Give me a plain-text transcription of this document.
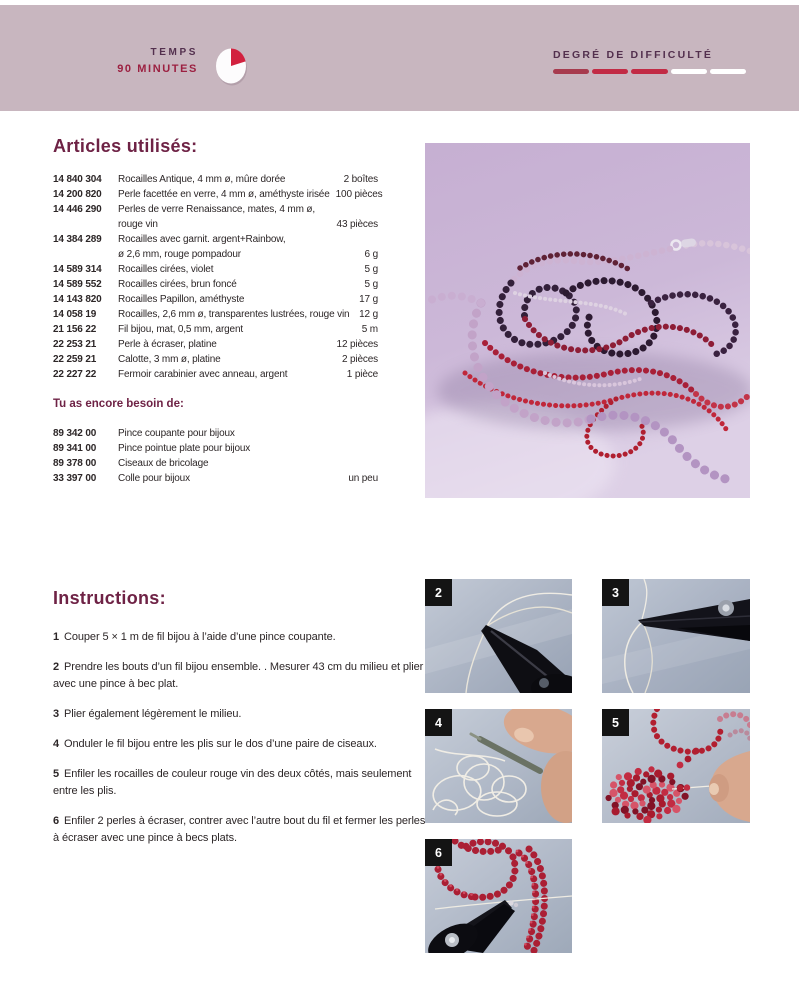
TEMPS
90 MINUTES
DEGRÉ DE DIFFICULTÉ
Articles utilisés:
14 840 304	Rocailles Antique, 4 mm ø, mûre dorée	2 boîtes
14 200 820	Perle facettée en verre, 4 mm ø, améthyste irisée 100 pièces
14 446 290	Perles de verre Renaissance, mates, 4 mm ø,
rouge vin	43 pièces
14 384 289	Rocailles avec garnit. argent+Rainbow,
ø 2,6 mm, rouge pompadour	6 g
14 589 314	Rocailles cirées, violet	5 g
14 589 552	Rocailles cirées, brun foncé	5 g
14 143 820	Rocailles Papillon, améthyste	17 g
14 058 19	Rocailles, 2,6 mm ø, transparentes lustrées, rouge vin 12 g
21 156 22	Fil bijou, mat, 0,5 mm, argent	5 m
22 253 21	Perle à écraser, platine	12 pièces
22 259 21	Calotte, 3 mm ø, platine	2 pièces
22 227 22	Fermoir carabinier avec anneau, argent	1 pièce
Tu as encore besoin de:
89 342 00	Pince coupante pour bijoux
89 341 00	Pince pointue plate pour bijoux
89 378 00	Ciseaux de bricolage
33 397 00	Colle pour bijoux	un peu
Instructions:

1 Couper 5 × 1 m de fil bijou à l’aide d’une pince coupante.

2 Prendre les bouts d’un fil bijou ensemble. . Mesurer 43 cm du milieu et plier avec une pince à bec plat.

3 Plier également légèrement le milieu.

4 Onduler le fil bijou entre les plis sur le dos d’une paire de ciseaux.

5 Enfiler les rocailles de couleur rouge vin des deux côtés, mais seulement entre les plis.

6 Enfiler 2 perles à écraser, contrer avec l’autre bout du fil et fermer les perles à écraser avec une pince à becs plats.

2	3
4	5
6
